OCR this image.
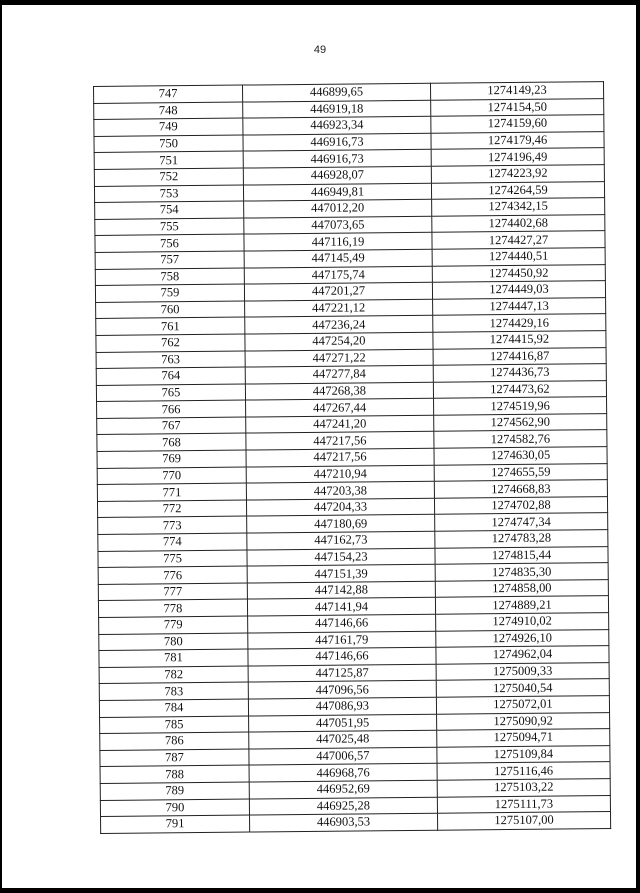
49
747	446899,65	1274149,23
748	446919,18	1274154,50
749	446923,34	1274159,60
750	446916,73	1274179,46
751	446916,73	1274196,49
752	446928,07	1274223,92
753	446949,81	1274264,59
754	447012,20	1274342,15
755	447073,65	1274402,68
756	447116,19	1274427,27
757	447145,49	1274440,51
758	447175,74	1274450,92
759	447201,27	1274449,03
760	447221,12	1274447,13
761	447236,24	1274429,16
762	447254,20	1274415,92
763	447271,22	1274416,87
764	447277,84	1274436,73
765	447268,38	1274473,62
766	447267,44	1274519,96
767	447241,20	1274562,90
768	447217,56	1274582,76
769	447217,56	1274630,05
770	447210,94	1274655,59
771	447203,38	1274668,83
772	447204,33	1274702,88
773	447180,69	1274747,34
774	447162,73	1274783,28
775	447154,23	1274815,44
776	447151,39	1274835,30
777	447142,88	1274858,00
778	447141,94	1274889,21
779	447146,66	1274910,02
780	447161,79	1274926,10
781	447146,66	1274962,04
782	447125,87	1275009,33
783	447096,56	1275040,54
784	447086,93	1275072,01
785	447051,95	1275090,92
786	447025,48	1275094,71
787	447006,57	1275109,84
788	446968,76	1275116,46
789	446952,69	1275103,22
790	446925,28	1275111,73
791	446903,53	1275107,00
